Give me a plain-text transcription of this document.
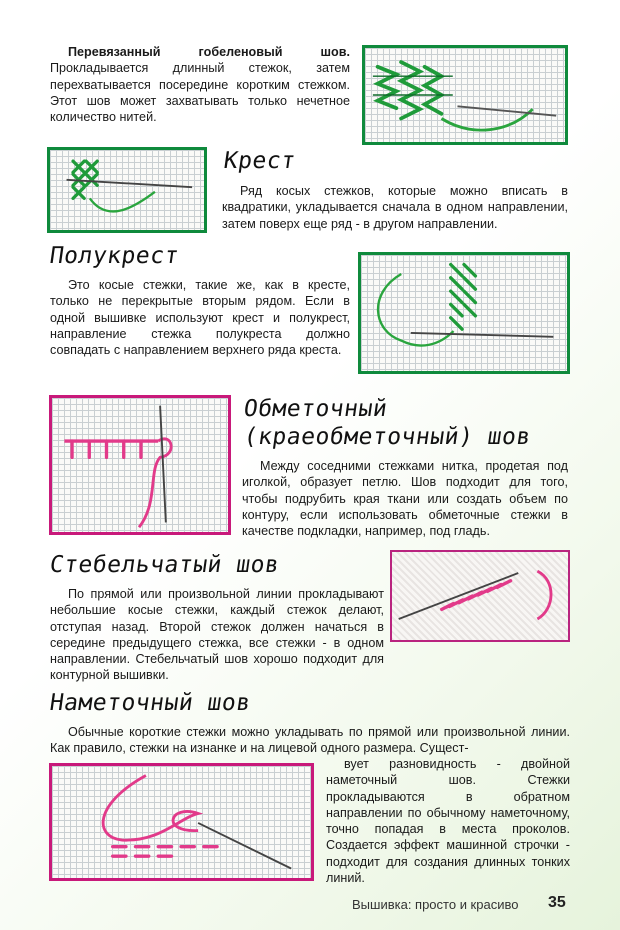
Перевязанный гобеленовый шов. Прокладывается длинный стежок, затем перехватывается посередине коротким стежком. Этот шов может захватывать только нечетное количество нитей.

Крест

Ряд косых стежков, которые можно вписать в квадратики, укладывается сначала в одном направлении, затем поверх еще ряд - в другом направлении.

Полукрест

Это косые стежки, такие же, как в кресте, только не перекрытые вторым рядом. Если в одной вышивке используют крест и полукрест, направление стежка полукреста должно совпадать с направлением верхнего ряда креста.

Обметочный
(краеобметочный) шов

Между соседними стежками нитка, продетая под иголкой, образует петлю. Шов подходит для того, чтобы подрубить края ткани или создать объем по контуру, если использовать обметочные стежки в качестве подкладки, например, под гладь.

Стебельчатый шов

По прямой или произвольной линии прокладывают небольшие косые стежки, каждый стежок делают, отступая назад. Второй стежок должен начаться в середине предыдущего стежка, все стежки - в одном направлении. Стебельчатый шов хорошо подходит для контурной вышивки.

Наметочный шов

Обычные короткие стежки можно укладывать по прямой или произвольной линии. Как правило, стежки на изнанке и на лицевой одного размера. Сущест-

вует разновидность - двойной наметочный шов. Стежки прокладываются в обратном направлении по обычному наметочному, точно попадая в места проколов. Создается эффект машинной строчки - подходит для создания длинных тонких линий.

Вышивка: просто и красиво 35
